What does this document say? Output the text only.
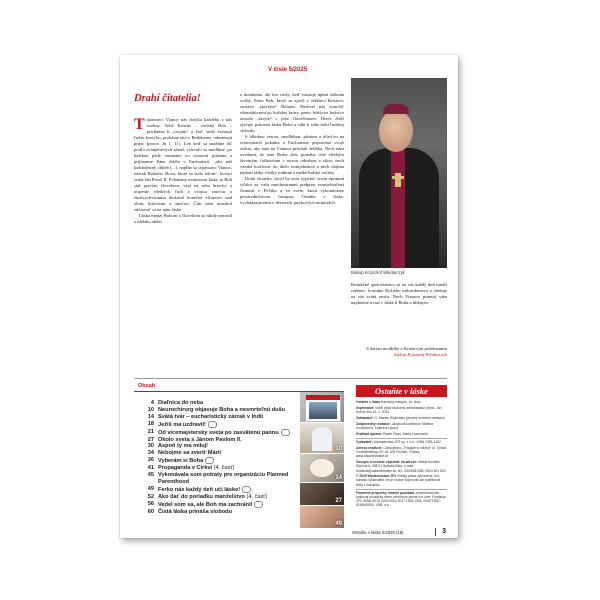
V čísle 5/2025
Drahí čitatelia!

Tajomstvo Vianoc nás dotýka každého z nás osobne. Ježiš Kristus – vtelený Boh – prichádza k „svojim“ a žiaľ, stále existujú ľudia, ktorí ho, podobne ako v Betleheme, odmietajú prijať (porov. Jn 1, 11). Len keď sa snažíme žiť podľa evanjeliových zásad, vytrvalo sa modlíme, po každom páde vstaneme vo sviatosti pokánia a prijímame Pána Ježiša v Eucharistii, „ako náš každodenný chlieb [...], napĺňa sa tajomstvo Vianoc, zázrak Božieho Slova, ktoré sa stalo telom“, hovorí svätá Ján Pavol II. Pohánaný neúrnosou lásky sa Boh stal pravým človekom, vzal na seba hriechy a utrpenie všetkých ľudí a svojou smrťou a zmŕtvychvstaním dosiahol konečné víťazstvo nad zlom, hriechom a smrťou. Čím nám umožnil zúčastniť sa na nám láske.

Láska medzi Bohom a človekom sa nikdy nezrodí z nátlaku alebo

z donútenia, ale len vtedy, keď existuje úplná sloboda voľby. Preto Boh, ktorý sa zjavil v Ježišovi Kristovi, zostáva „skrytým“ Bohom. Nechcel nás zotročiť všemohúcnosťou božskej krásy, preto Ježišovo božstvo zostalo „skryté“ v jeho človečenstve. Dieťa Ježiš zjavuje pokornú lásku Boha a vábi k sebe hold ľudskej slobody.

S hlbokou vierou, modlitbou, pôstom a účasťou na sviatostiach pokánia a Eucharistie pripravme svoje srdcia, aby sme na Vianoce privítali Ježiška. Nech nám uvedomí, že sme Božie deti, pomáha celé všetkým životným ťažkostiam s novou odvahou a silou, nech vzniká horlivosť do dielo evanjelizácie a nech objíma teplom lásky všetky rodinné a medziľudské vzťahy.

Drahí čitatelia, chcel by som vyjadriť svoju úprimnú vďaku za vašu mnohostrannú podporu evanjelizačnej činnosti v Poľsku a vo svete, ktorú vykonávame prostredníctvom časopisu Ostaňte v láske, vychádzajúcemu v deviatich jazykových mutáciách.

Biskup Krzysztof Włodarczyk
Redakčné spoločenstvo sa za vás každý deň modlí ruženec, korunku Božieho milosrdenstva a obetuje za vás svätú omšu. Nech Vianoce prinesú vám naplnenie a rast v láske k Bohu a blížnym.
S darom modlitby a Kristovým požehnaním
biskup Krzysztof Włodarczyk
Obsah
4 Diaľnica do neba
10 Neurochirurg objavuje Boha a nesmrteľnú dušu
14 Svätá tvár – eucharistický zázrak v Indii
18 Ježiš ma uzdravil!
21 Od vicemajstersky sveta po zasvätenú pannu
27 Okolo sveta s Jánom Pavlom II.
30 Aspoň ty ma miluj!
34 Nebojme sa zveriť Márii
36 Vyberám si Boha
41 Propaganda v Cirkvi (4. časť)
45 Vykonávala som potraty pre organizáciu Planned Parenthood
49 Ferko nás každý deň učí láske!
52 Ako dať do poriadku manželstvo (4. časť)
56 Vedel som sa, ale Boh ma zachránil
60 Čistá láska prináša slobodu
10
14
27
49
Ostaňte v láske
Ostaňte v láske Katolícky časopis, 1x. číslo
Imprimatur: udelil vyšší služobný administrátor Mons. Ján Kuboš dňa 15. 2. 2023
Zakladateľ: O. Marián Wojtowski (prvotný vedúcim redaktor)
Zodpovedný redaktor: Jazyková korektúra: Martina Kováčiková, Katarína Lipová
Grafická úprava: Paweł Fitzer, Marta Ľuscimska
Vydavateľ: Wydawnictwo JP2 sp. z o.o., ISBN 2356-4182
Adresa redakcie: Czasopismo „Trwajcie w miłości“ ul. Tytusa Chałubińskiego 25, 61-105 Poznań, Polska, www.ostantevlaske.sk
Časopis si môžete objednať na adrese: Matúš Kováčik, Strečná 6, 058 01 Spišská Belá, e-mail: redakcia@ostantevlaske.sk, tel.: 052/4581386, 0944 501 516
© 2025 Wydawnictwo JP2 Všetky práva vyhradené, bez súhlasu vydavateľa nie je možné kopírovať ani publikovať texty z časopisu.
Finančné príspevky môžete poukázať prostredníctvom poštovej poukážky alebo prevodom peňazí na účet: Fundacja JP2, IBAN SK76 0200 0000 0047 1006 1056, SWIFT/BIC: SUBASKBX, VÚB, a.s.
Ostaňte v láske 5/2025 (16)	3
